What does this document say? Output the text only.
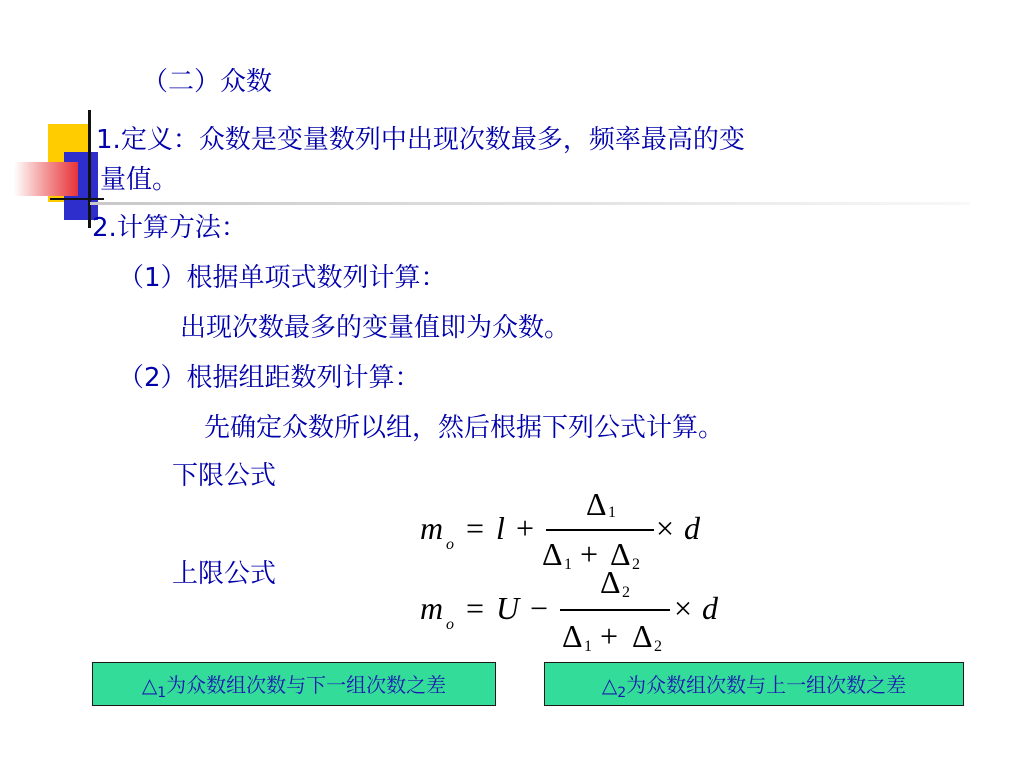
（二）众数
1.定义：众数是变量数列中出现次数最多，频率最高的变
量值。
2.计算方法：
（1）根据单项式数列计算：
出现次数最多的变量值即为众数。
（2）根据组距数列计算：
先确定众数所以组，然后根据下列公式计算。
下限公式
上限公式
m o = l +
Δ 1
Δ 1 + Δ 2
× d
m o = U −
Δ 2
Δ 1 + Δ 2
× d
$\triangle_1$为众数组次数与下一组次数之差	$\triangle_2$为众数组次数与上一组次数之差
